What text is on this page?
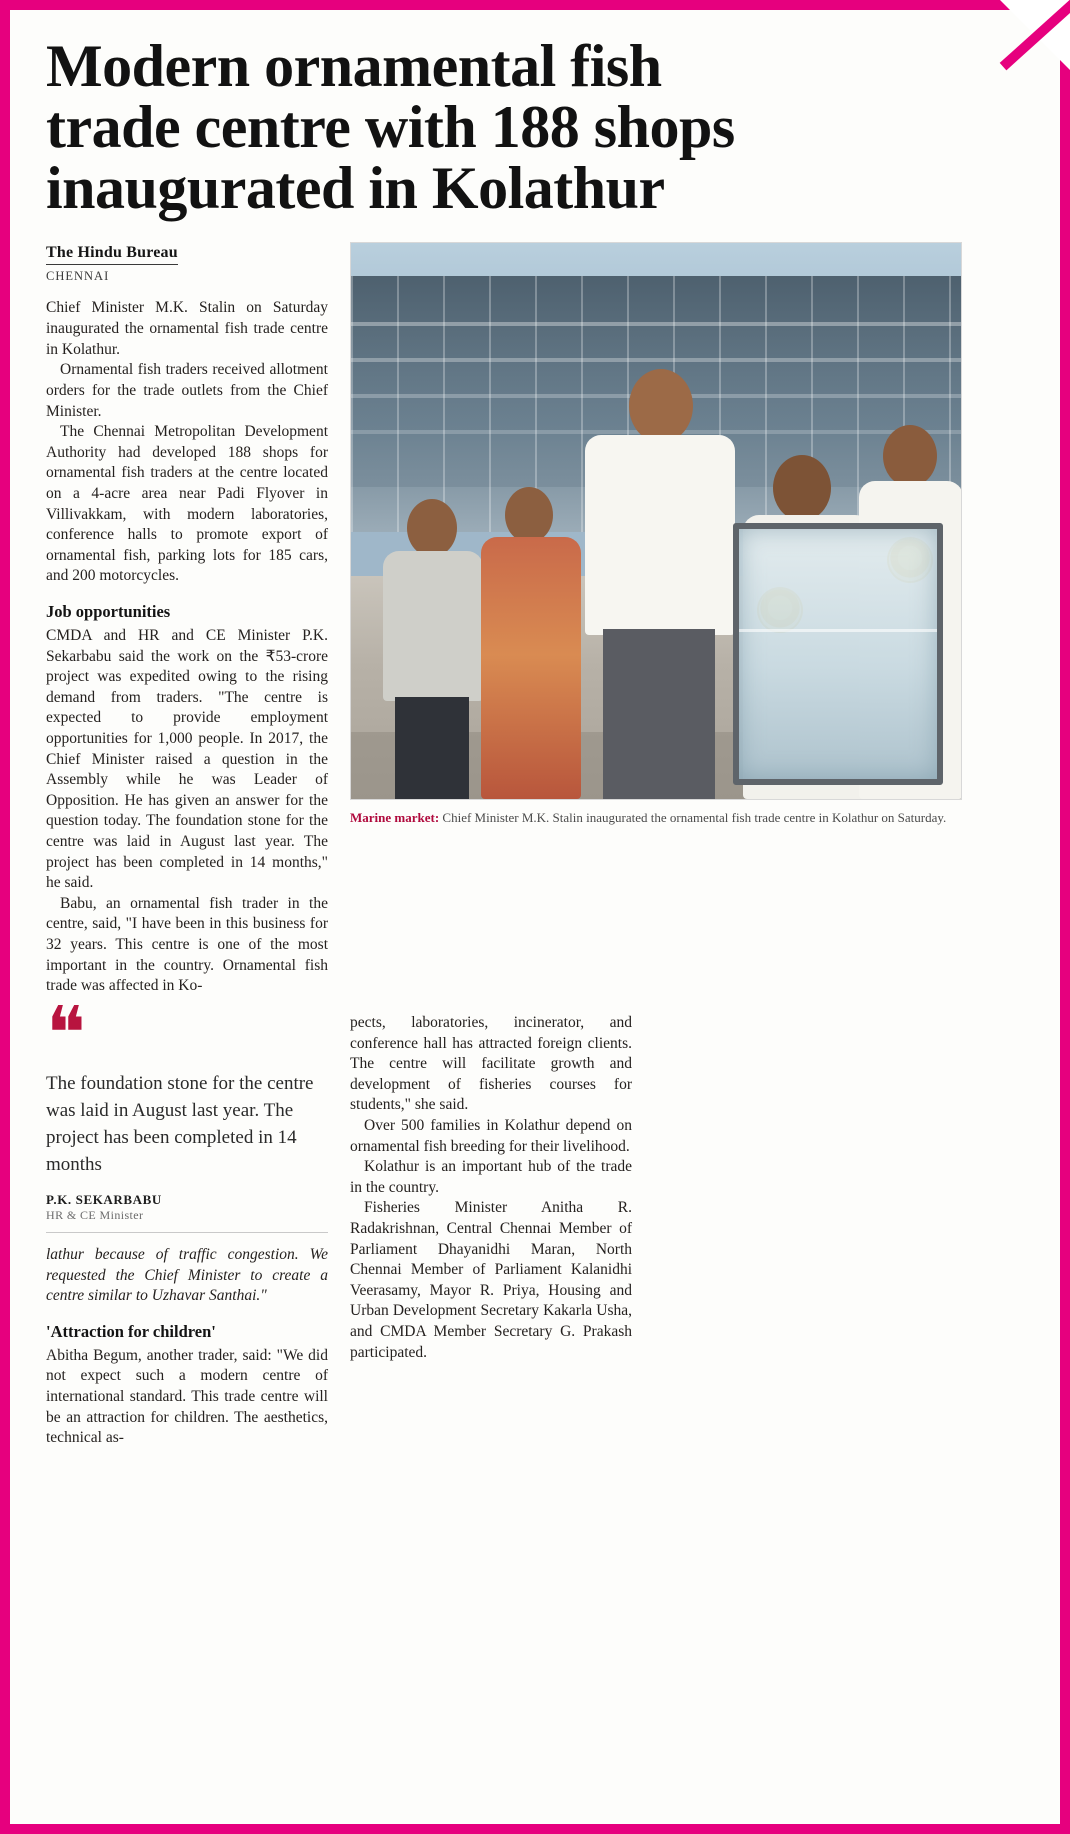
Modern ornamental fish
trade centre with 188 shops
inaugurated in Kolathur
The Hindu Bureau
CHENNAI

Chief Minister M.K. Stalin on Saturday inaugurated the ornamental fish trade centre in Kolathur.

Ornamental fish traders received allotment orders for the trade outlets from the Chief Minister.

The Chennai Metropolitan Development Authority had developed 188 shops for ornamental fish traders at the centre located on a 4-acre area near Padi Flyover in Villivakkam, with modern laboratories, conference halls to promote export of ornamental fish, parking lots for 185 cars, and 200 motorcycles.

Job opportunities

CMDA and HR and CE Minister P.K. Sekarbabu said the work on the ₹53-crore project was expedited owing to the rising demand from traders. "The centre is expected to provide employment opportunities for 1,000 people. In 2017, the Chief Minister raised a question in the Assembly while he was Leader of Opposition. He has given an answer for the question today. The foundation stone for the centre was laid in August last year. The project has been completed in 14 months," he said.

Babu, an ornamental fish trader in the centre, said, "I have been in this business for 32 years. This centre is one of the most important in the country. Ornamental fish trade was affected in Ko-

Marine market: Chief Minister M.K. Stalin inaugurated the ornamental fish trade centre in Kolathur on Saturday.
❝
The foundation stone for the centre was laid in August last year. The project has been completed in 14 months
P.K. SEKARBABU
HR & CE Minister

lathur because of traffic congestion. We requested the Chief Minister to create a centre similar to Uzhavar Santhai."

'Attraction for children'

Abitha Begum, another trader, said: "We did not expect such a modern centre of international standard. This trade centre will be an attraction for children. The aesthetics, technical as-

pects, laboratories, incinerator, and conference hall has attracted foreign clients. The centre will facilitate growth and development of fisheries courses for students," she said.

Over 500 families in Kolathur depend on ornamental fish breeding for their livelihood.

Kolathur is an important hub of the trade in the country.

Fisheries Minister Anitha R. Radakrishnan, Central Chennai Member of Parliament Dhayanidhi Maran, North Chennai Member of Parliament Kalanidhi Veerasamy, Mayor R. Priya, Housing and Urban Development Secretary Kakarla Usha, and CMDA Member Secretary G. Prakash participated.
